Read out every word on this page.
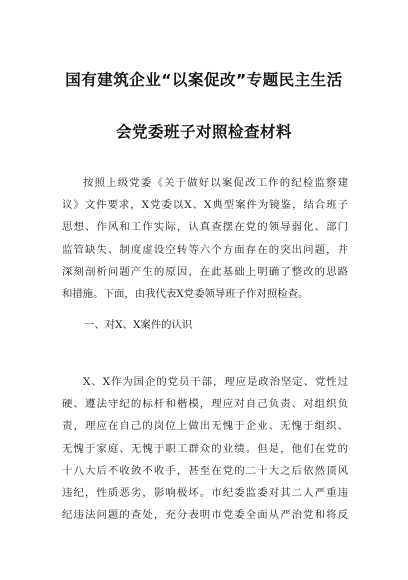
国有建筑企业“以案促改”专题民主生活
会党委班子对照检查材料
按照上级党委《关于做好以案促改工作的纪检监察建
议》文件要求，X党委以X、X典型案件为镜鉴，结合班子
思想、作风和工作实际，认真查摆在党的领导弱化、部门
监管缺失、制度虚设空转等六个方面存在的突出问题，并
深刻剖析问题产生的原因，在此基础上明确了整改的思路
和措施。下面，由我代表X党委领导班子作对照检查。
一、对X、X案件的认识
X、X作为国企的党员干部，理应是政治坚定、党性过
硬、遵法守纪的标杆和楷模，理应对自己负责、对组织负
责，理应在自己的岗位上做出无愧于企业、无愧于组织、
无愧于家庭、无愧于职工群众的业绩。但是，他们在党的
十八大后不收敛不收手，甚至在党的二十大之后依然顶风
违纪，性质恶劣，影响极坏。市纪委监委对其二人严重违
纪违法问题的查处，充分表明市党委全面从严治党和将反
